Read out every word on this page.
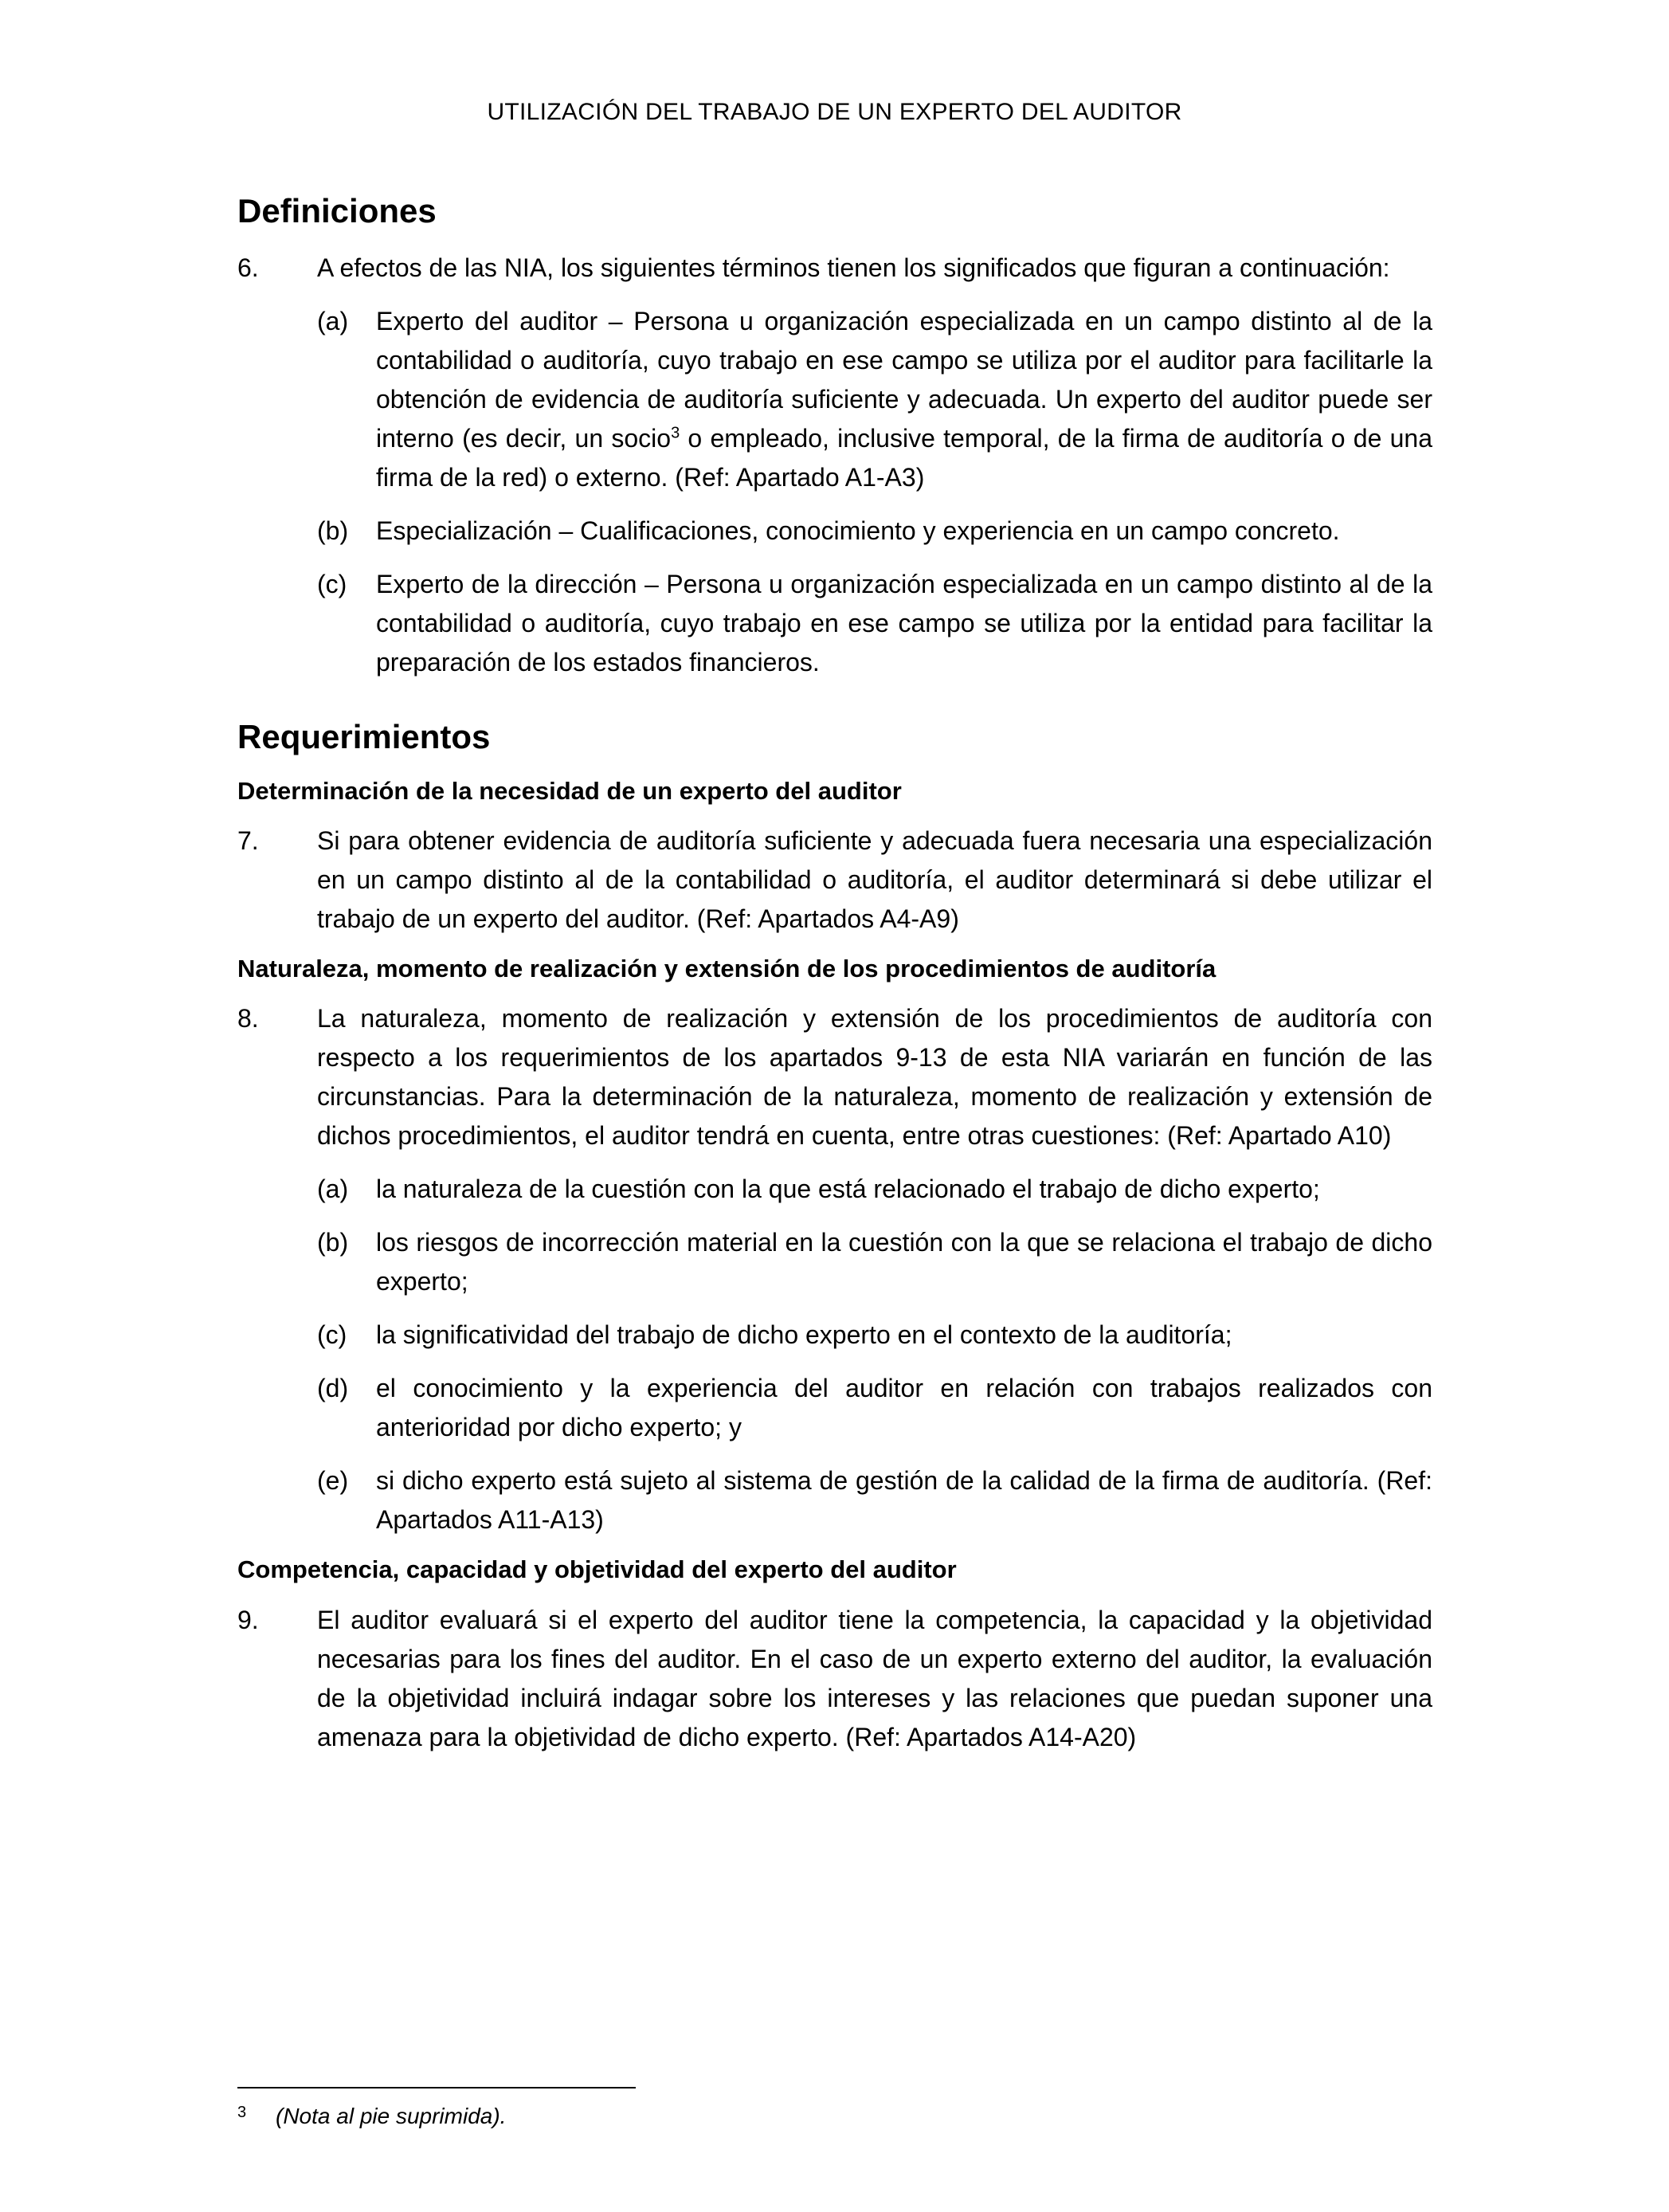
UTILIZACIÓN DEL TRABAJO DE UN EXPERTO DEL AUDITOR
Definiciones
6.	A efectos de las NIA, los siguientes términos tienen los significados que figuran a continuación:
(a)	Experto del auditor – Persona u organización especializada en un campo distinto al de la contabilidad o auditoría, cuyo trabajo en ese campo se utiliza por el auditor para facilitarle la obtención de evidencia de auditoría suficiente y adecuada. Un experto del auditor puede ser interno (es decir, un socio$^3$ o empleado, inclusive temporal, de la firma de auditoría o de una firma de la red) o externo. (Ref: Apartado A1-A3)
(b)	Especialización – Cualificaciones, conocimiento y experiencia en un campo concreto.
(c)	Experto de la dirección – Persona u organización especializada en un campo distinto al de la contabilidad o auditoría, cuyo trabajo en ese campo se utiliza por la entidad para facilitar la preparación de los estados financieros.
Requerimientos
Determinación de la necesidad de un experto del auditor
7.	Si para obtener evidencia de auditoría suficiente y adecuada fuera necesaria una especialización en un campo distinto al de la contabilidad o auditoría, el auditor determinará si debe utilizar el trabajo de un experto del auditor. (Ref: Apartados A4-A9)
Naturaleza, momento de realización y extensión de los procedimientos de auditoría
8.	La naturaleza, momento de realización y extensión de los procedimientos de auditoría con respecto a los requerimientos de los apartados 9-13 de esta NIA variarán en función de las circunstancias. Para la determinación de la naturaleza, momento de realización y extensión de dichos procedimientos, el auditor tendrá en cuenta, entre otras cuestiones: (Ref: Apartado A10)
(a)	la naturaleza de la cuestión con la que está relacionado el trabajo de dicho experto;
(b)	los riesgos de incorrección material en la cuestión con la que se relaciona el trabajo de dicho experto;
(c)	la significatividad del trabajo de dicho experto en el contexto de la auditoría;
(d)	el conocimiento y la experiencia del auditor en relación con trabajos realizados con anterioridad por dicho experto; y
(e)	si dicho experto está sujeto al sistema de gestión de la calidad de la firma de auditoría. (Ref: Apartados A11-A13)
Competencia, capacidad y objetividad del experto del auditor
9.	El auditor evaluará si el experto del auditor tiene la competencia, la capacidad y la objetividad necesarias para los fines del auditor. En el caso de un experto externo del auditor, la evaluación de la objetividad incluirá indagar sobre los intereses y las relaciones que puedan suponer una amenaza para la objetividad de dicho experto. (Ref: Apartados A14-A20)
3	(Nota al pie suprimida).
